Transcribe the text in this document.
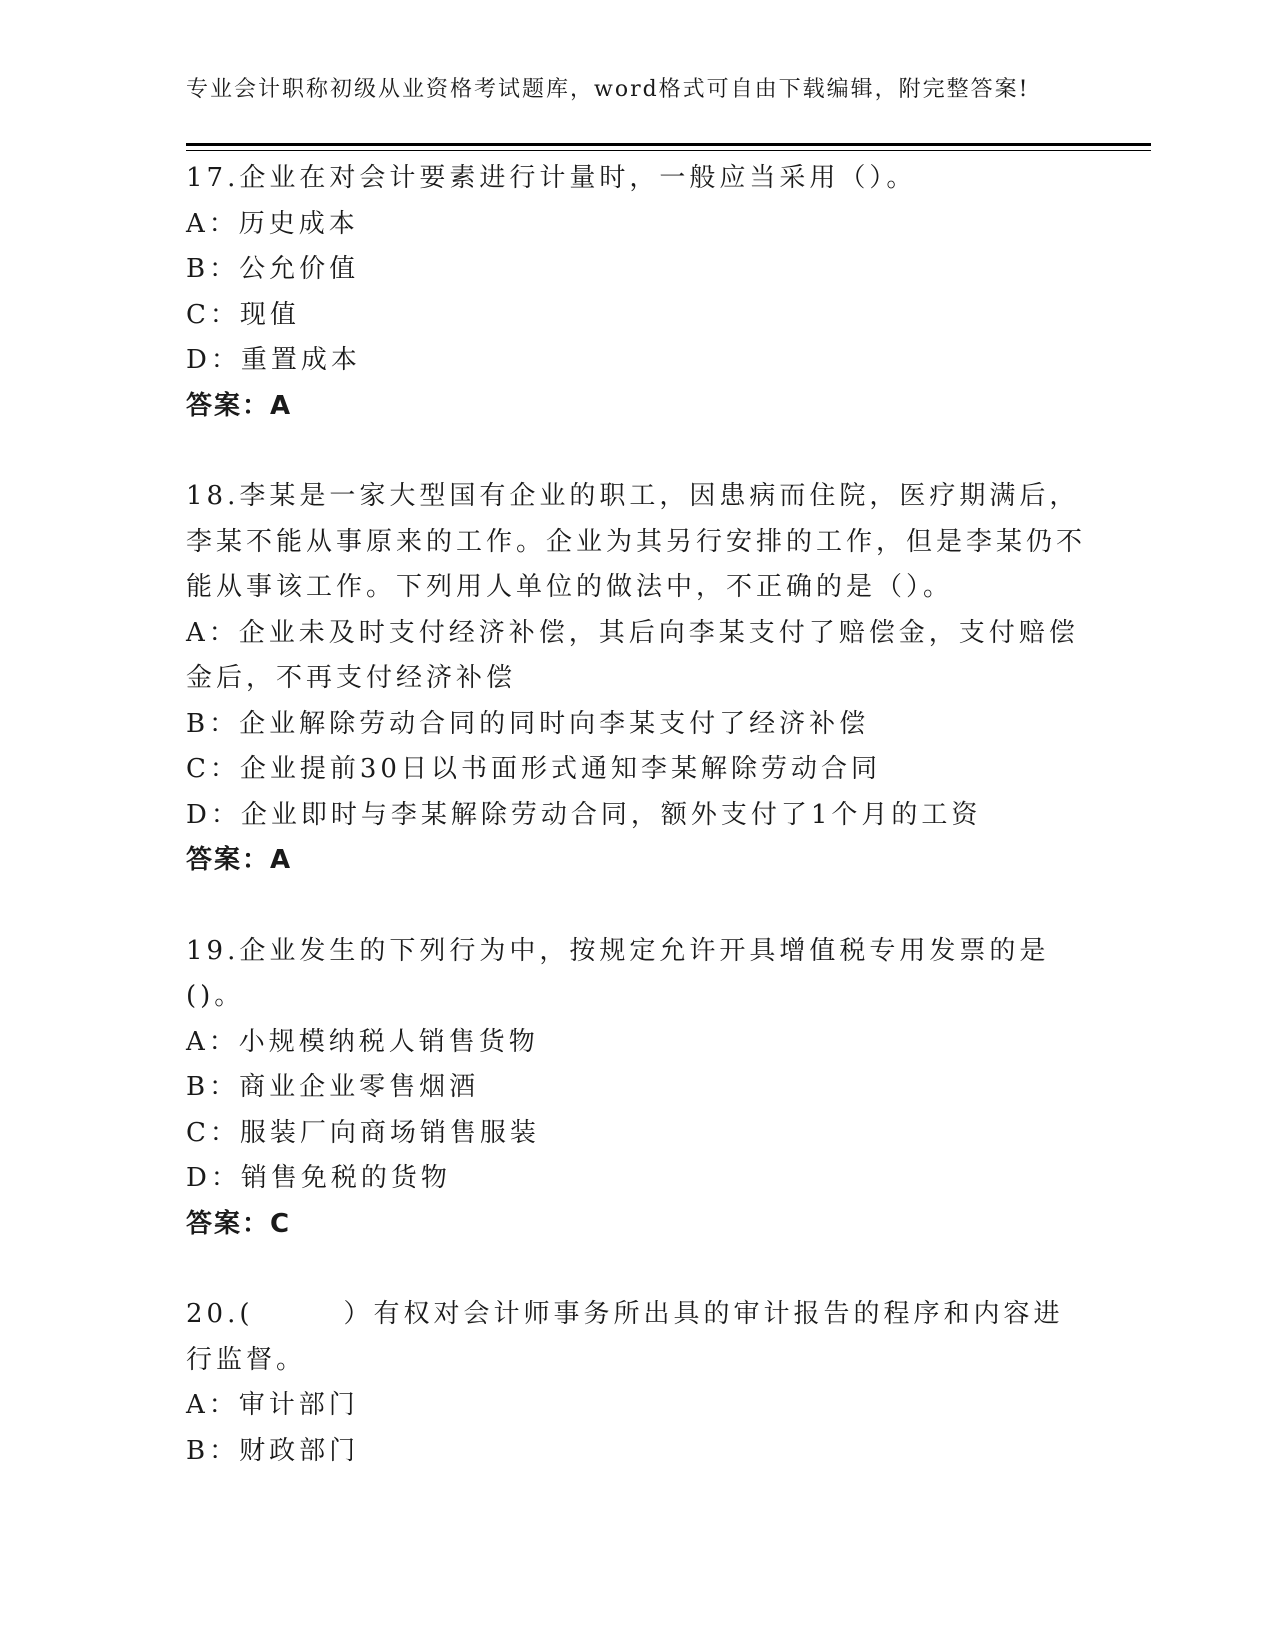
专业会计职称初级从业资格考试题库，word格式可自由下载编辑，附完整答案!

17.企业在对会计要素进行计量时，一般应当采用（）。

A：历史成本

B：公允价值

C：现值

D：重置成本

答案：A

18.李某是一家大型国有企业的职工，因患病而住院，医疗期满后，李某不能从事原来的工作。企业为其另行安排的工作，但是李某仍不能从事该工作。下列用人单位的做法中，不正确的是（）。

A：企业未及时支付经济补偿，其后向李某支付了赔偿金，支付赔偿金后，不再支付经济补偿

B：企业解除劳动合同的同时向李某支付了经济补偿

C：企业提前30日以书面形式通知李某解除劳动合同

D：企业即时与李某解除劳动合同，额外支付了1个月的工资

答案：A

19.企业发生的下列行为中，按规定允许开具增值税专用发票的是()。

A：小规模纳税人销售货物

B：商业企业零售烟酒

C：服装厂向商场销售服装

D：销售免税的货物

答案：C

20.(　　　）有权对会计师事务所出具的审计报告的程序和内容进行监督。

A：审计部门

B：财政部门
